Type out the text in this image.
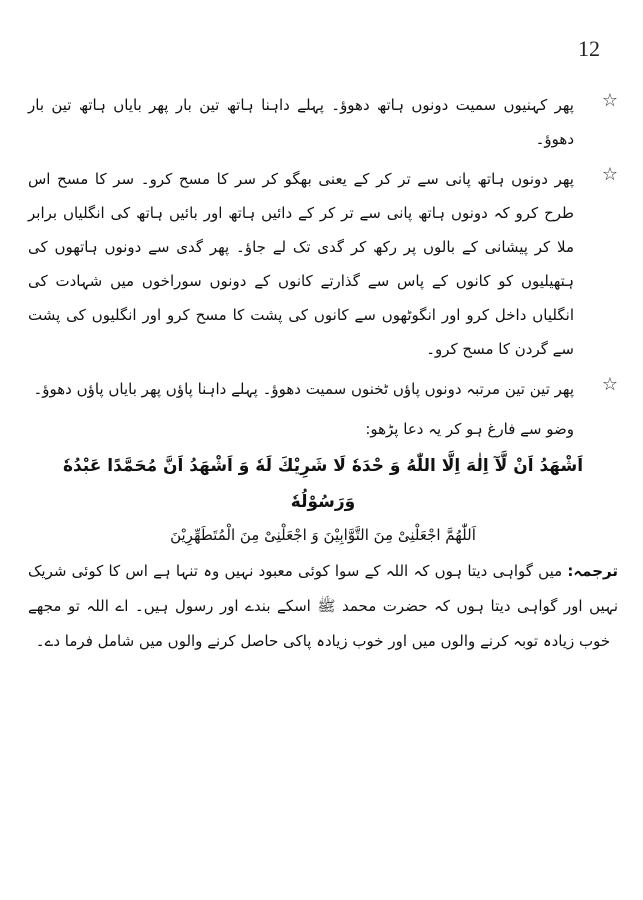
12
☆
پھر کہنیوں سمیت دونوں ہاتھ دھوؤ۔ پہلے داہنا ہاتھ تین بار پھر بایاں ہاتھ تین بار دھوؤ۔
☆
پھر دونوں ہاتھ پانی سے تر کر کے یعنی بھگو کر سر کا مسح کرو۔ سر کا مسح اس طرح کرو کہ دونوں ہاتھ پانی سے تر کر کے دائیں ہاتھ اور بائیں ہاتھ کی انگلیاں برابر ملا کر پیشانی کے بالوں پر رکھ کر گدی تک لے جاؤ۔ پھر گدی سے دونوں ہاتھوں کی ہتھیلیوں کو کانوں کے پاس سے گذارتے کانوں کے دونوں سوراخوں میں شہادت کی انگلیاں داخل کرو اور انگوٹھوں سے کانوں کی پشت کا مسح کرو اور انگلیوں کی پشت سے گردن کا مسح کرو۔
☆
پھر تین تین مرتبہ دونوں پاؤں ٹخنوں سمیت دھوؤ۔ پہلے داہنا پاؤں پھر بایاں پاؤں دھوؤ۔
وضو سے فارغ ہو کر یہ دعا پڑھو:
اَشْهَدُ اَنْ لَّآ اِلٰهَ اِلَّا اللّٰهُ وَ حْدَهٗ لَا شَرِيْكَ لَهٗ وَ اَشْهَدُ اَنَّ مُحَمَّدًا عَبْدُهٗ وَرَسُوْلُهٗ
اَللّٰهُمَّ اجْعَلْنِىْ مِنَ التَّوَّابِيْنَ وَ اجْعَلْنِىْ مِنَ الْمُتَطَهِّرِيْنَ
ترجمہ: میں گواہی دیتا ہوں کہ اللہ کے سوا کوئی معبود نہیں وہ تنہا ہے اس کا کوئی شریک نہیں اور گواہی دیتا ہوں کہ حضرت محمد ﷺ اسکے بندے اور رسول ہیں۔ اے اللہ تو مجھے خوب زیادہ توبہ کرنے والوں میں اور خوب زیادہ پاکی حاصل کرنے والوں میں شامل فرما دے۔
